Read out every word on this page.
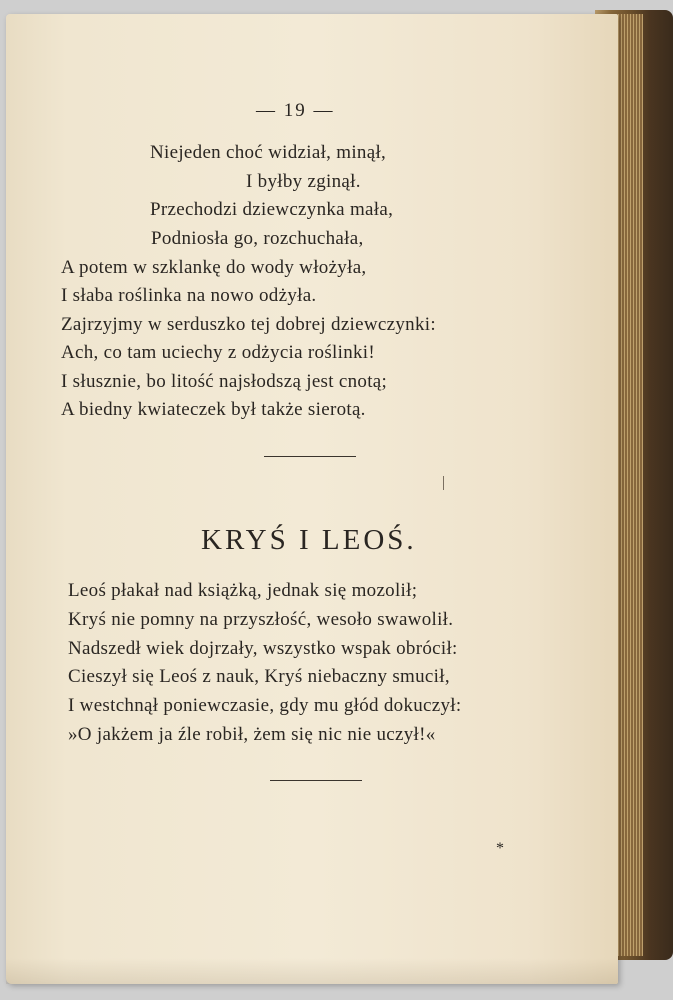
— 19 —
Niejeden choć widział, minął,
I byłby zginął.
Przechodzi dziewczynka mała,
Podniosła go, rozchuchała,
A potem w szklankę do wody włożyła,
I słaba roślinka na nowo odżyła.
Zajrzyjmy w serduszko tej dobrej dziewczynki:
Ach, co tam uciechy z odżycia roślinki!
I słusznie, bo litość najsłodszą jest cnotą;
A biedny kwiateczek był także sierotą.
KRYŚ I LEOŚ.
Leoś płakał nad książką, jednak się mozolił;
Kryś nie pomny na przyszłość, wesoło swawolił.
Nadszedł wiek dojrzały, wszystko wspak obrócił:
Cieszył się Leoś z nauk, Kryś niebaczny smucił,
I westchnął poniewczasie, gdy mu głód dokuczył:
»O jakżem ja źle robił, żem się nic nie uczył!«
*
